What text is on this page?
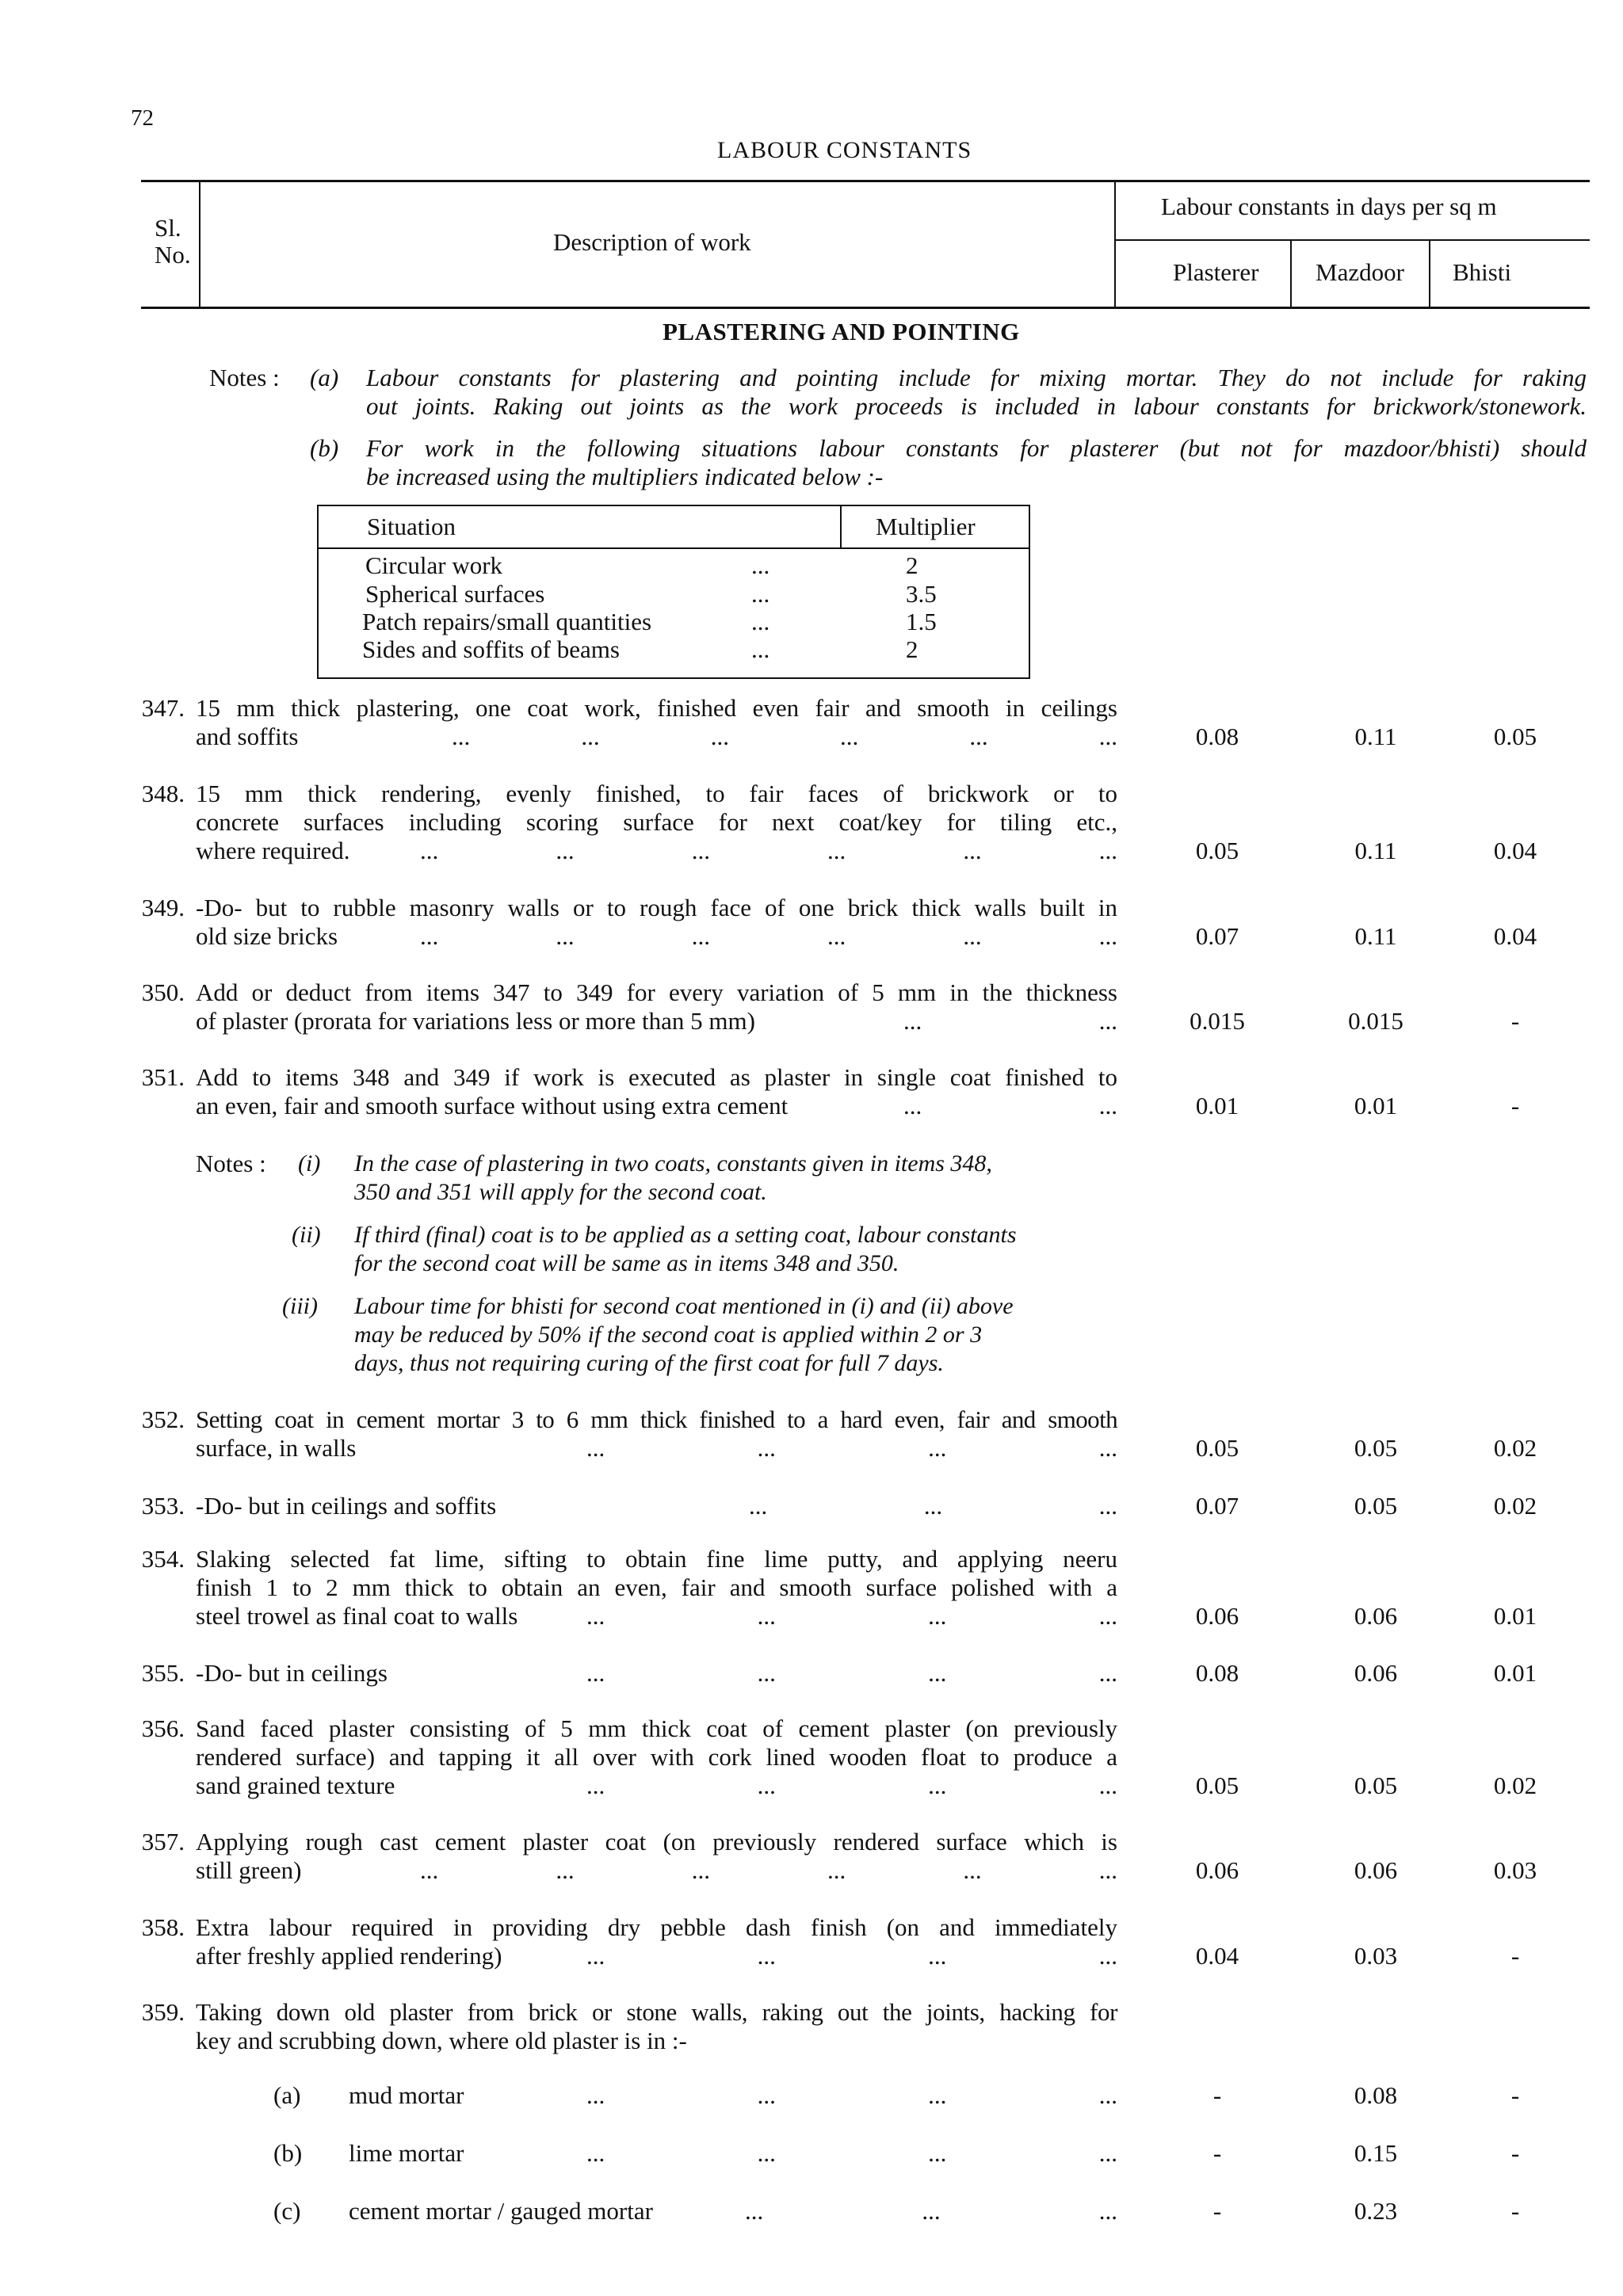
72
LABOUR CONSTANTS
Sl.
No.	Description of work
Labour constants in days per sq m
Plasterer Mazdoor Bhisti
PLASTERING AND POINTING
Notes : (a) Labour constants for plastering and pointing include for mixing mortar. They do not include for raking
out joints. Raking out joints as the work proceeds is included in labour constants for brickwork/stonework.
(b) For work in the following situations labour constants for plasterer (but not for mazdoor/bhisti) should
be increased using the multipliers indicated below :-
Situation	Multiplier
Circular work	...	2
Spherical surfaces	...	3.5
Patch repairs/small quantities	...	1.5
Sides and soffits of beams	...	2
347. 15 mm thick plastering, one coat work, finished even fair and smooth in ceilings
and soffits	...	...	...	...	...	...	0.08	0.11	0.05
348. 15 mm thick rendering, evenly finished, to fair faces of brickwork or to
concrete surfaces including scoring surface for next coat/key for tiling etc.,
where required.	...	...	...	...	...	...	0.05	0.11	0.04
349. -Do- but to rubble masonry walls or to rough face of one brick thick walls built in
old size bricks	...	...	...	...	...	...	0.07	0.11	0.04
350. Add or deduct from items 347 to 349 for every variation of 5 mm in the thickness
of plaster (prorata for variations less or more than 5 mm)	...	...	0.015	0.015	-
351. Add to items 348 and 349 if work is executed as plaster in single coat finished to
an even, fair and smooth surface without using extra cement	...	...	0.01	0.01	-
Notes : (i) In the case of plastering in two coats, constants given in items 348,
350 and 351 will apply for the second coat.
(ii) If third (final) coat is to be applied as a setting coat, labour constants
for the second coat will be same as in items 348 and 350.
(iii) Labour time for bhisti for second coat mentioned in (i) and (ii) above
may be reduced by 50% if the second coat is applied within 2 or 3
days, thus not requiring curing of the first coat for full 7 days.
352. Setting coat in cement mortar 3 to 6 mm thick finished to a hard even, fair and smooth
surface, in walls	...	...	...	...	0.05	0.05	0.02
353. -Do- but in ceilings and soffits	...	...	...	0.07	0.05	0.02
354. Slaking selected fat lime, sifting to obtain fine lime putty, and applying neeru
finish 1 to 2 mm thick to obtain an even, fair and smooth surface polished with a
steel trowel as final coat to walls	...	...	...	...	0.06	0.06	0.01
355. -Do- but in ceilings	...	...	...	...	0.08	0.06	0.01
356. Sand faced plaster consisting of 5 mm thick coat of cement plaster (on previously
rendered surface) and tapping it all over with cork lined wooden float to produce a
sand grained texture	...	...	...	...	0.05	0.05	0.02
357. Applying rough cast cement plaster coat (on previously rendered surface which is
still green)	...	...	...	...	...	...	0.06	0.06	0.03
358. Extra labour required in providing dry pebble dash finish (on and immediately
after freshly applied rendering)	...	...	...	...	0.04	0.03	-
359. Taking down old plaster from brick or stone walls, raking out the joints, hacking for
key and scrubbing down, where old plaster is in :-
(a) mud mortar	...	...	...	...	-	0.08	-
(b) lime mortar	...	...	...	...	-	0.15	-
(c) cement mortar / gauged mortar	...	...	...	-	0.23	-
